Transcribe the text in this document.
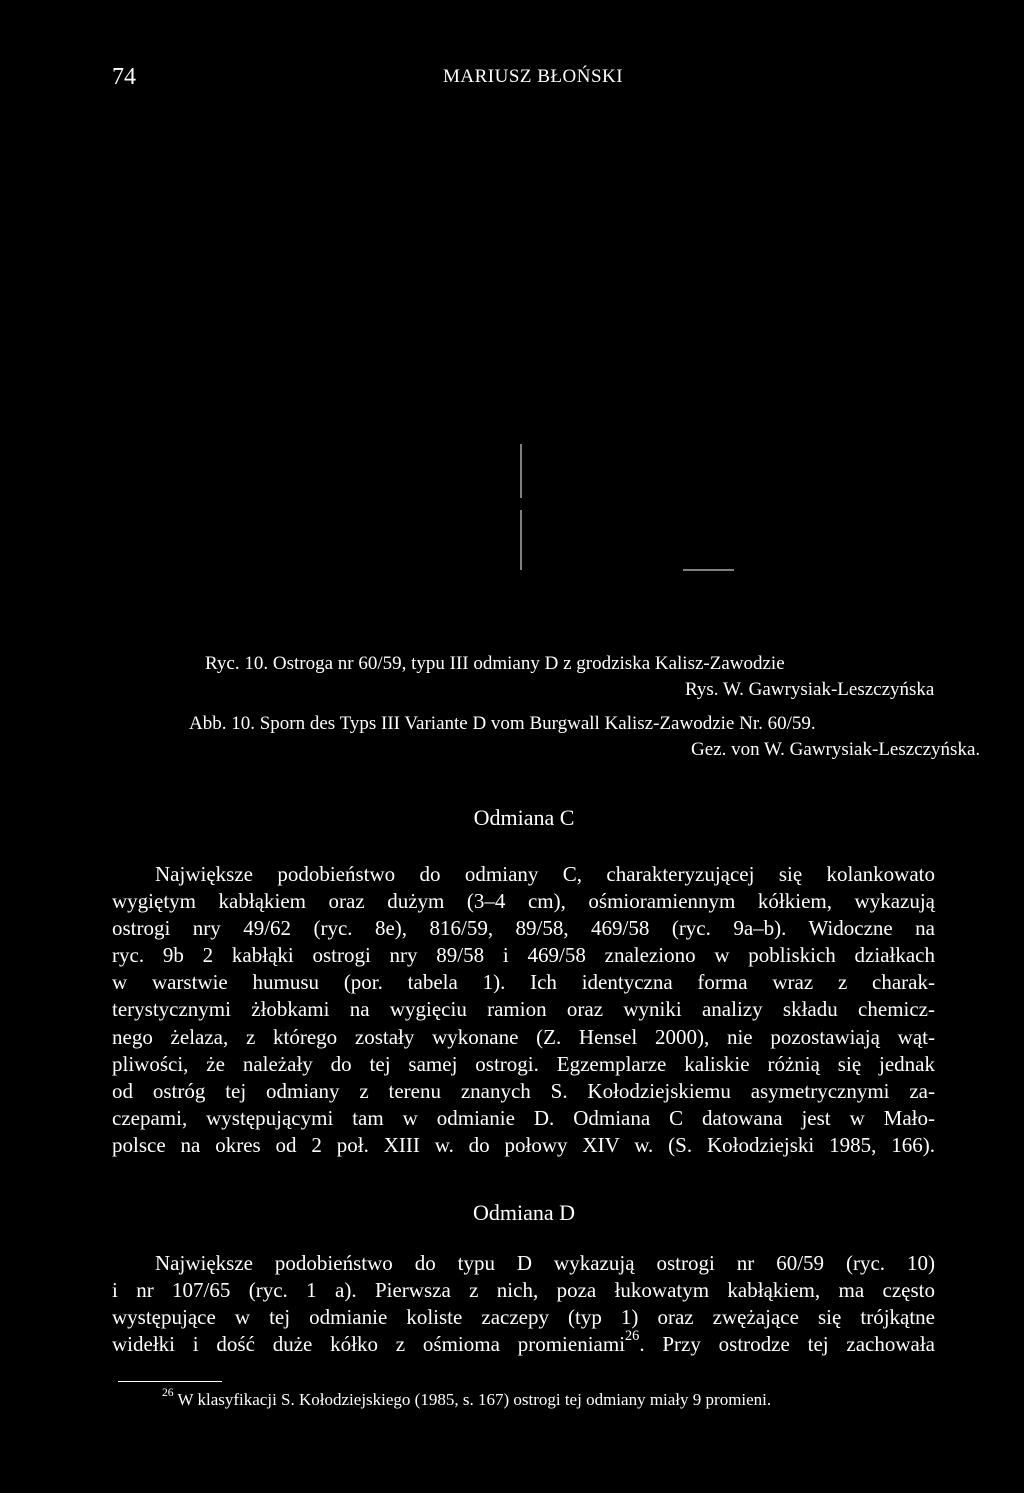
74	MARIUSZ BŁOŃSKI
Ryc. 10. Ostroga nr 60/59, typu III odmiany D z grodziska Kalisz-Zawodzie
Rys. W. Gawrysiak-Leszczyńska
Abb. 10. Sporn des Typs III Variante D vom Burgwall Kalisz-Zawodzie Nr. 60/59.
Gez. von W. Gawrysiak-Leszczyńska.
Odmiana C
Największe podobieństwo do odmiany C, charakteryzującej się kolankowato
wygiętym kabłąkiem oraz dużym (3–4 cm), ośmioramiennym kółkiem, wykazują
ostrogi nry 49/62 (ryc. 8e), 816/59, 89/58, 469/58 (ryc. 9a–b). Widoczne na
ryc. 9b 2 kabłąki ostrogi nry 89/58 i 469/58 znaleziono w pobliskich działkach
w warstwie humusu (por. tabela 1). Ich identyczna forma wraz z charak-
terystycznymi żłobkami na wygięciu ramion oraz wyniki analizy składu chemicz-
nego żelaza, z którego zostały wykonane (Z. Hensel 2000), nie pozostawiają wąt-
pliwości, że należały do tej samej ostrogi. Egzemplarze kaliskie różnią się jednak
od ostróg tej odmiany z terenu znanych S. Kołodziejskiemu asymetrycznymi za-
czepami, występującymi tam w odmianie D. Odmiana C datowana jest w Mało-
polsce na okres od 2 poł. XIII w. do połowy XIV w. (S. Kołodziejski 1985, 166).
Odmiana D
Największe podobieństwo do typu D wykazują ostrogi nr 60/59 (ryc. 10)
i nr 107/65 (ryc. 1 a). Pierwsza z nich, poza łukowatym kabłąkiem, ma często
występujące w tej odmianie koliste zaczepy (typ 1) oraz zwężające się trójkątne
widełki i dość duże kółko z ośmioma promieniami$^{26}$. Przy ostrodze tej zachowała
$^{26}$ W klasyfikacji S. Kołodziejskiego (1985, s. 167) ostrogi tej odmiany miały 9 promieni.
